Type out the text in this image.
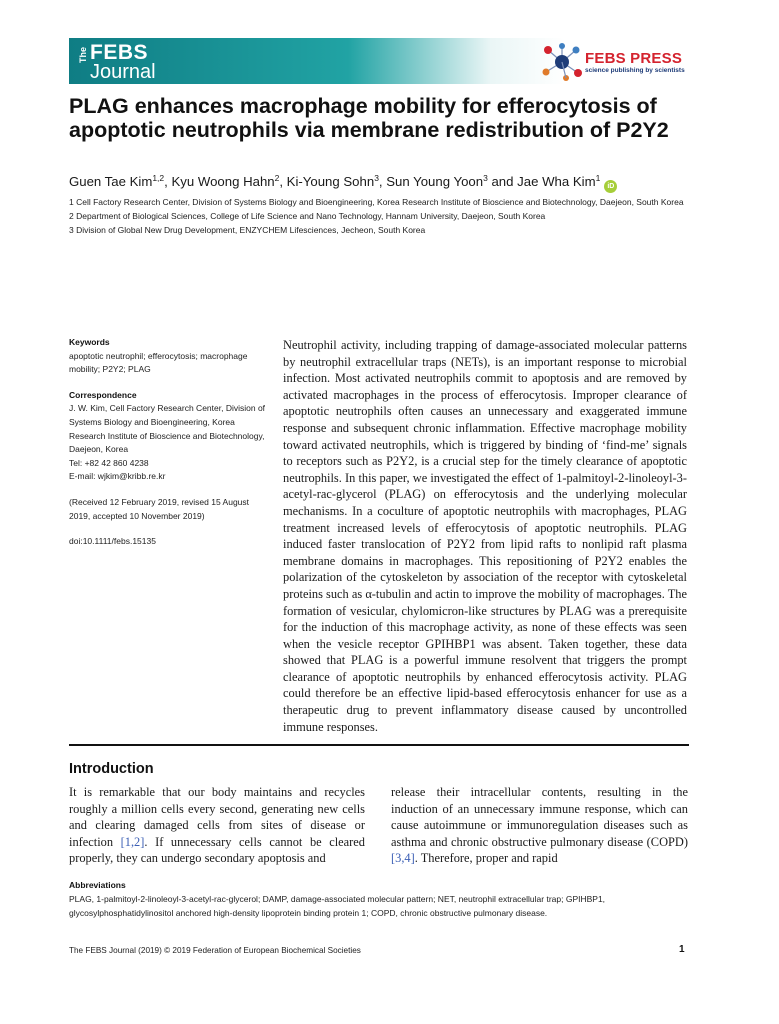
The FEBS
Journal
FEBS PRESS
science publishing by scientists
PLAG enhances macrophage mobility for efferocytosis of apoptotic neutrophils via membrane redistribution of P2Y2
Guen Tae Kim$^{1,2}$, Kyu Woong Hahn$^2$, Ki-Young Sohn$^3$, Sun Young Yoon$^3$ and Jae Wha Kim$^1$iD
1 Cell Factory Research Center, Division of Systems Biology and Bioengineering, Korea Research Institute of Bioscience and Biotechnology, Daejeon, South Korea
2 Department of Biological Sciences, College of Life Science and Nano Technology, Hannam University, Daejeon, South Korea
3 Division of Global New Drug Development, ENZYCHEM Lifesciences, Jecheon, South Korea
Keywords
apoptotic neutrophil; efferocytosis; macrophage mobility; P2Y2; PLAG
Correspondence
J. W. Kim, Cell Factory Research Center, Division of Systems Biology and Bioengineering, Korea Research Institute of Bioscience and Biotechnology, Daejeon, Korea
Tel: +82 42 860 4238
E-mail: wjkim@kribb.re.kr
(Received 12 February 2019, revised 15 August 2019, accepted 10 November 2019)
doi:10.1111/febs.15135
Neutrophil activity, including trapping of damage-associated molecular patterns by neutrophil extracellular traps (NETs), is an important response to microbial infection. Most activated neutrophils commit to apoptosis and are removed by activated macrophages in the process of efferocytosis. Improper clearance of apoptotic neutrophils often causes an unnecessary and exaggerated immune response and subsequent chronic inflammation. Effective macrophage mobility toward activated neutrophils, which is triggered by binding of ‘find-me’ signals to receptors such as P2Y2, is a crucial step for the timely clearance of apoptotic neutrophils. In this paper, we investigated the effect of 1-palmitoyl-2-linoleoyl-3-acetyl-rac-glycerol (PLAG) on efferocytosis and the underlying molecular mechanisms. In a coculture of apoptotic neutrophils with macrophages, PLAG treatment increased levels of efferocytosis of apoptotic neutrophils. PLAG induced faster translocation of P2Y2 from lipid rafts to nonlipid raft plasma membrane domains in macrophages. This repositioning of P2Y2 enables the polarization of the cytoskeleton by association of the receptor with cytoskeletal proteins such as α-tubulin and actin to improve the mobility of macrophages. The formation of vesicular, chylomicron-like structures by PLAG was a prerequisite for the induction of this macrophage activity, as none of these effects was seen when the vesicle receptor GPIHBP1 was absent. Taken together, these data showed that PLAG is a powerful immune resolvent that triggers the prompt clearance of apoptotic neutrophils by enhanced efferocytosis activity. PLAG could therefore be an effective lipid-based efferocytosis enhancer for use as a therapeutic drug to prevent inflammatory disease caused by uncontrolled immune responses.
Introduction
It is remarkable that our body maintains and recycles roughly a million cells every second, generating new cells and clearing damaged cells from sites of disease or infection [1,2]. If unnecessary cells cannot be cleared properly, they can undergo secondary apoptosis and
release their intracellular contents, resulting in the induction of an unnecessary immune response, which can cause autoimmune or immunoregulation diseases such as asthma and chronic obstructive pulmonary disease (COPD) [3,4]. Therefore, proper and rapid
Abbreviations
PLAG, 1-palmitoyl-2-linoleoyl-3-acetyl-rac-glycerol; DAMP, damage-associated molecular pattern; NET, neutrophil extracellular trap; GPIHBP1, glycosylphosphatidylinositol anchored high-density lipoprotein binding protein 1; COPD, chronic obstructive pulmonary disease.
The FEBS Journal (2019) © 2019 Federation of European Biochemical Societies	1
